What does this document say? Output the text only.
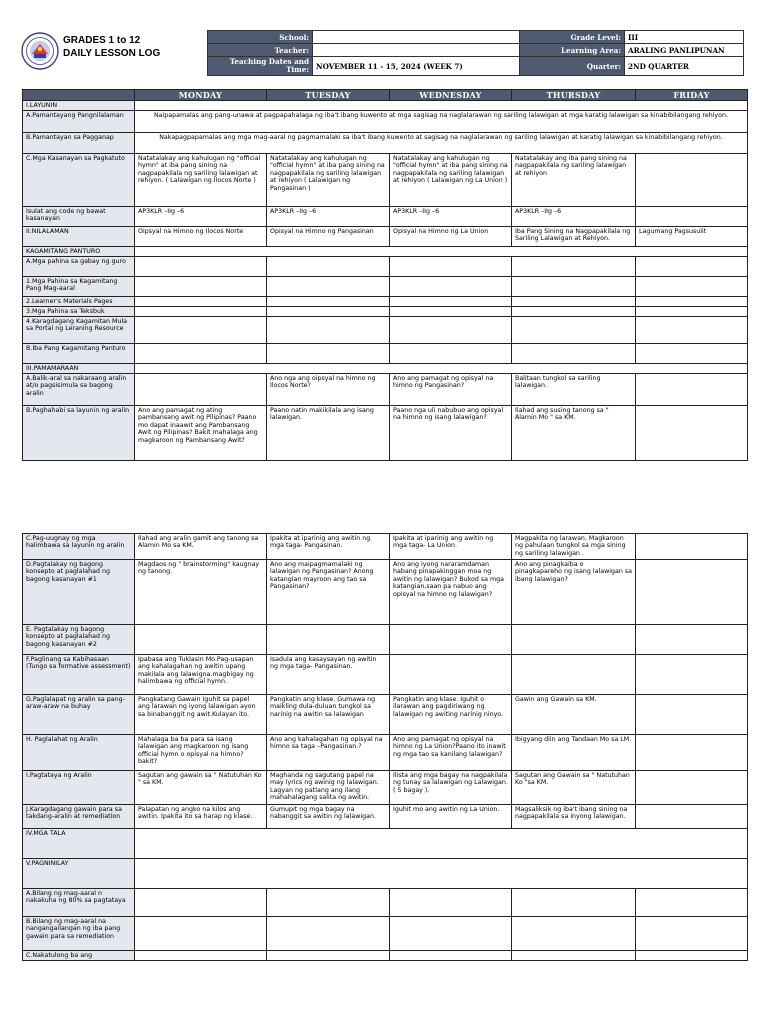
GRADES 1 to 12
DAILY LESSON LOG
School:		Grade Level:	III
Teacher:		Learning Area:	ARALING PANLIPUNAN

Teaching Dates and
Time:	NOVEMBER 11 - 15, 2024 (WEEK 7)	Quarter:	2ND QUARTER
	MONDAY	TUESDAY	WEDNESDAY	THURSDAY	FRIDAY
I.LAYUNIN					
A.Pamantayang Pangnilalaman	Naipapamalas ang pang-unawa at pagpapahalaga ng iba't ibang kuwento at mga sagisag na naglalarawan ng sariling lalawigan at mga karatig lalawigan sa kinabibilangang rehiyon.				
B.Pamantayan sa Pagganap	Nakapagpapamalas ang mga mag-aaral ng pagmamalaki sa iba't ibang kuwento at sagisag na naglalarawan ng sariling lalawigan at karatig lalawigan sa kinabibilangang rehiyon.				
C.Mga Kasanayan sa Pagkatuto	Natatalakay ang kahulugan ng "official hymn" at iba pang sining na nagpapakilala ng sariling lalawigan at rehiyon. ( Lalawigan ng Ilocos Norte )	Natatalakay ang kahulugan ng "official hymn" at iba pang sining na nagpapakilala ng sariling lalawigan at rehiyon ( Lalawigan ng Pangasinan )	Natatalakay ang kahulugan ng "official hymn" at iba pang sining na nagpapakilala ng sariling lalawigan at rehiyon ( Lalawigan ng La Union )	Natatalakay ang iba pang sining na nagpapakilala ng sariling lalawigan at rehiyon	
Isulat ang code ng bawat kasanayan	AP3KLR –IIg –6	AP3KLR –IIg –6	AP3KLR –IIg –6	AP3KLR –IIg –6	
II.NILALAMAN	Oipsyal na Himno ng Ilocos Norte	Opisyal na Himno ng Pangasinan	Opisyal na Himno ng La Union	Iba Pang Sining na Nagpapakilala ng Sariling Lalawigan at Rehiyon.	Lagumang Pagsusulit
KAGAMITANG PANTURO					
A.Mga pahina sa gabay ng guro					
1.Mga Pahina sa Kagamitang Pang Mag-aaral					
2.Learner's Materials Pages					
3.Mga Pahina sa Teksbuk					
4.Karagdagang Kagamitan Mula sa Portal ng Leraning Resource					
B.Iba Pang Kagamitang Panturo					
III.PAMAMARAAN					
A.Balik-aral sa nakaraang aralin at/o pagsisimula sa bagong aralin		Ano nga ang oipsyal na himno ng Ilocos Norte?	Ano ang pamagat ng opisyal na himno ng Pangasinan?	Balitaan tungkol sa sariling lalawigan.	
B.Paghahabi sa layunin ng aralin	Ano ang pamagat ng ating pambansang awit ng Pilipinas? Paano mo dapat inaawit ang Pambansang Awit ng Pilipinas? Bakit mahalaga ang magkaroon ng Pambansang Awit?	Paano natin makikilala ang isang lalawigan.	Paano nga uli nabubuo ang opisyal na himno ng isang lalawigan?	Ilahad ang susing tanong sa " Alamin Mo " sa KM.	
C.Pag-uugnay ng mga halimbawa sa layunin ng aralin	Ilahad ang aralin gamit ang tanong sa Alamin Mo sa KM.	Ipakita at iparinig ang awitin ng mga taga- Pangasinan.	Ipakita at iparinig ang awitin ng mga taga- La Union.	Magpakita ng larawan. Magkaroon ng pahulaan tungkol sa mga sining ng sariling lalawigan .	
D.Pagtalakay ng bagong konsepto at paglalahad ng bagong kasanayan #1	Magdaos ng " brainstorming" kaugnay ng tanong.	Ano ang maipagmamalaki ng lalawigan ng Pangasinan? Anong katangian mayroon ang tao sa Pangasinan?	Ano ang iyong nararamdaman habang pinapakinggan moa ng awitin ng lalawigan? Bukod sa mga katangian,saan pa nabuo ang opisyal na himno ng lalawigan?	Ano ang pinagkaiba o pinagkapareho ng isang lalawigan sa ibang lalawigan?	
E. Pagtalakay ng bagong konsepto at paglalahad ng bagong kasanayan #2					
F.Paglinang sa Kabihasaan (Tungo sa formative assessment)	Ipabasa ang Tuklasin Mo.Pag-usapan ang kahalagahan ng awitin upang makilala ang lalawigna.magbigay ng halimbawa ng official hymn.	Isadula ang kasaysayan ng awitin ng mga taga- Pangasinan.			
G.Paglalapat ng aralin sa pang-araw-araw na buhay	Pangkatang Gawain Iguhit sa papel ang larawan ng iyong lalawigan ayon sa binabanggit ng awit.Kulayan ito.	Pangkatin ang klase. Gumawa ng maikling dula-duluan tungkol sa narinig na awitin sa lalawigan	Pangkatin ang klase. Iguhit o ilarawan ang pagdiriwang ng lalawigan ng awiting narinig ninyo.	Gawin ang Gawain sa KM.	
H. Paglalahat ng Aralin	Mahalaga ba ba para sa isang lalawigan ang magkaroon ng isang official hymn o opisyal na himno? bakit?	Ano ang kahalagahan ng opisyal na himno sa taga –Pangasinan.?	Ano ang pamagat ng opisyal na himno ng La Union?Paano ito inawit ng mga tao sa kanilang lalawigan?	Ibigyang diin ang Tandaan Mo sa LM.	
I.Pagtataya ng Aralin	Sagutan ang gawain sa " Natutuhan Ko " sa KM.	Maghanda ng sagutang papel na may lyrics ng awinig ng lalawigan. Lagyan ng patlang ang ilang mahahalagang salita ng awitin.	Ilista ang mga bagay na nagpakilala ng tunay sa lalawigan ng Lalawigan. ( 5 bagay ).	Sagutan ang Gawain sa " Natutuhan Ko "sa KM.	
J.Karagdagang gawain para sa takdang-aralin at remediation	Palapatan ng angko na kilos ang awitin. Ipakita ito sa harap ng klase.	Gumupit ng mga bagay na nabanggit sa awitin ng lalawigan.	Iguhit mo ang awitin ng La Union.	Magsaliksik ng iba't ibang sining na nagpapakilala sa inyong lalawigan.	
IV.MGA TALA					
V.PAGNINILAY					
A.Bilang ng mag-aaral n nakakuha ng 80% sa pagtataya					
B.Bilang ng mag-aaral na nangangailangan ng iba pang gawain para sa remediation					
C.Nakatulong ba ang					
